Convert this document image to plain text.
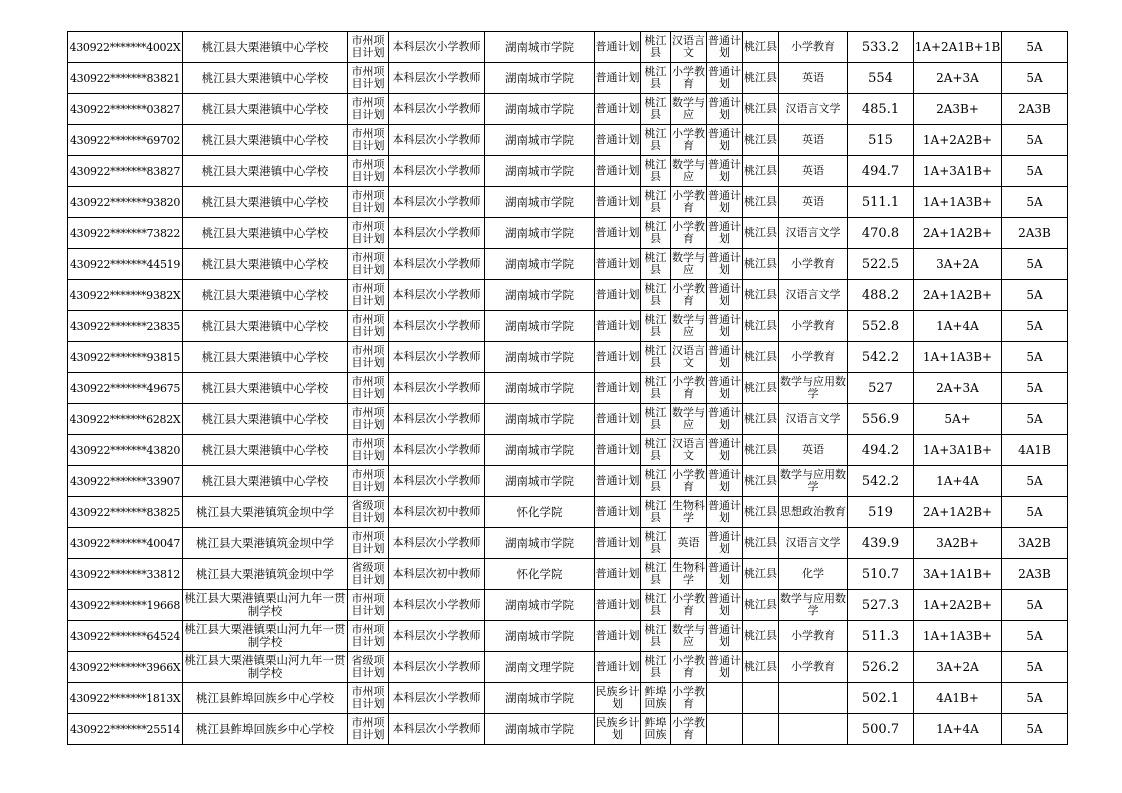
430922*******4002X	桃江县大栗港镇中心学校	市州项目计划	本科层次小学教师	湖南城市学院	普通计划	桃江县	汉语言文	普通计划	桃江县	小学教育	533.2	1A+2A1B+1B	5A
430922*******83821	桃江县大栗港镇中心学校	市州项目计划	本科层次小学教师	湖南城市学院	普通计划	桃江县	小学教育	普通计划	桃江县	英语	554	2A+3A	5A
430922*******03827	桃江县大栗港镇中心学校	市州项目计划	本科层次小学教师	湖南城市学院	普通计划	桃江县	数学与应	普通计划	桃江县	汉语言文学	485.1	2A3B+	2A3B
430922*******69702	桃江县大栗港镇中心学校	市州项目计划	本科层次小学教师	湖南城市学院	普通计划	桃江县	小学教育	普通计划	桃江县	英语	515	1A+2A2B+	5A
430922*******83827	桃江县大栗港镇中心学校	市州项目计划	本科层次小学教师	湖南城市学院	普通计划	桃江县	数学与应	普通计划	桃江县	英语	494.7	1A+3A1B+	5A
430922*******93820	桃江县大栗港镇中心学校	市州项目计划	本科层次小学教师	湖南城市学院	普通计划	桃江县	小学教育	普通计划	桃江县	英语	511.1	1A+1A3B+	5A
430922*******73822	桃江县大栗港镇中心学校	市州项目计划	本科层次小学教师	湖南城市学院	普通计划	桃江县	小学教育	普通计划	桃江县	汉语言文学	470.8	2A+1A2B+	2A3B
430922*******44519	桃江县大栗港镇中心学校	市州项目计划	本科层次小学教师	湖南城市学院	普通计划	桃江县	数学与应	普通计划	桃江县	小学教育	522.5	3A+2A	5A
430922*******9382X	桃江县大栗港镇中心学校	市州项目计划	本科层次小学教师	湖南城市学院	普通计划	桃江县	小学教育	普通计划	桃江县	汉语言文学	488.2	2A+1A2B+	5A
430922*******23835	桃江县大栗港镇中心学校	市州项目计划	本科层次小学教师	湖南城市学院	普通计划	桃江县	数学与应	普通计划	桃江县	小学教育	552.8	1A+4A	5A
430922*******93815	桃江县大栗港镇中心学校	市州项目计划	本科层次小学教师	湖南城市学院	普通计划	桃江县	汉语言文	普通计划	桃江县	小学教育	542.2	1A+1A3B+	5A
430922*******49675	桃江县大栗港镇中心学校	市州项目计划	本科层次小学教师	湖南城市学院	普通计划	桃江县	小学教育	普通计划	桃江县	数学与应用数学	527	2A+3A	5A
430922*******6282X	桃江县大栗港镇中心学校	市州项目计划	本科层次小学教师	湖南城市学院	普通计划	桃江县	数学与应	普通计划	桃江县	汉语言文学	556.9	5A+	5A
430922*******43820	桃江县大栗港镇中心学校	市州项目计划	本科层次小学教师	湖南城市学院	普通计划	桃江县	汉语言文	普通计划	桃江县	英语	494.2	1A+3A1B+	4A1B
430922*******33907	桃江县大栗港镇中心学校	市州项目计划	本科层次小学教师	湖南城市学院	普通计划	桃江县	小学教育	普通计划	桃江县	数学与应用数学	542.2	1A+4A	5A
430922*******83825	桃江县大栗港镇筑金坝中学	省级项目计划	本科层次初中教师	怀化学院	普通计划	桃江县	生物科学	普通计划	桃江县	思想政治教育	519	2A+1A2B+	5A
430922*******40047	桃江县大栗港镇筑金坝中学	市州项目计划	本科层次小学教师	湖南城市学院	普通计划	桃江县	英语	普通计划	桃江县	汉语言文学	439.9	3A2B+	3A2B
430922*******33812	桃江县大栗港镇筑金坝中学	省级项目计划	本科层次初中教师	怀化学院	普通计划	桃江县	生物科学	普通计划	桃江县	化学	510.7	3A+1A1B+	2A3B
430922*******19668	桃江县大栗港镇栗山河九年一贯制学校	市州项目计划	本科层次小学教师	湖南城市学院	普通计划	桃江县	小学教育	普通计划	桃江县	数学与应用数学	527.3	1A+2A2B+	5A
430922*******64524	桃江县大栗港镇栗山河九年一贯制学校	市州项目计划	本科层次小学教师	湖南城市学院	普通计划	桃江县	数学与应	普通计划	桃江县	小学教育	511.3	1A+1A3B+	5A
430922*******3966X	桃江县大栗港镇栗山河九年一贯制学校	省级项目计划	本科层次小学教师	湖南文理学院	普通计划	桃江县	小学教育	普通计划	桃江县	小学教育	526.2	3A+2A	5A
430922*******1813X	桃江县鲊埠回族乡中心学校	市州项目计划	本科层次小学教师	湖南城市学院	民族乡计划	鲊埠回族	小学教育				502.1	4A1B+	5A
430922*******25514	桃江县鲊埠回族乡中心学校	市州项目计划	本科层次小学教师	湖南城市学院	民族乡计划	鲊埠回族	小学教育				500.7	1A+4A	5A
